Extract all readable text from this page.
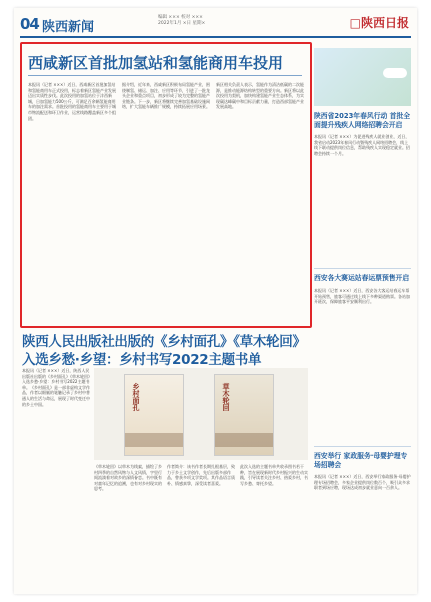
04 陕西新闻
编辑 ××× 校对 ×××
2022年1月 ×日 星期×	□陕西日报
西咸新区首批加氢站和氢能商用车投用

本报讯（记者 ×××）近日，西咸新区首批加氢站和氢能商用车正式投用，标志着新区氢能产业发展迈出实质性步伐。此次投用的加氢站位于沣西新城，日加氢能力500公斤，可满足百余辆氢能商用车的加注需求。首批投用的氢能商用车主要用于城市物流配送和环卫作业，运营线路覆盖新区多个组团。

据介绍，近年来，西咸新区积极布局氢能产业，围绕制氢、储运、加注、应用等环节，引进了一批龙头企业和重点项目，初步形成了较为完整的氢能产业链条。下一步，新区将继续完善加氢基础设施网络，扩大氢能车辆推广规模，持续拓展应用场景。

新区相关负责人表示，氢能作为清洁低碳的二次能源，是推动能源结构转型的重要方向。新区将以此次投用为契机，加快构建氢能产业生态体系，为实现碳达峰碳中和目标贡献力量，打造西部氢能产业发展高地。

陕西人民出版社出版的《乡村面孔》《草木轮回》
入选乡愁·乡望：乡村书写2022主题书单

本报讯（记者 ×××）近日，陕西人民出版社出版的《乡村面孔》《草木轮回》入选乡愁·乡望：乡村书写2022主题书单。《乡村面孔》是一部非虚构文学作品，作者以细腻的笔触记录了乡村中普通人的生活与命运，展现了时代变迁中的乡土中国。	乡村面孔	草木轮回

《草木轮回》以草木为线索，描绘了乡村四季的自然风物与人文风情，字里行间流淌着对故乡的深情眷恋。书中既有对童年记忆的追溯，也有对乡村现实的思考。

作者简介：该书作者长期扎根基层，致力于乡土文学创作，先后出版多部作品，曾获多项文学奖项。其作品语言质朴、情感真挚，深受读者喜爱。

此次入选的主题书单共收录图书若干种，旨在展现新时代乡村振兴的生动实践，引导读者关注乡村、热爱乡村，书写乡愁、寄托乡望。

陕西省2023年春风行动 首批全面提升残疾人网络招聘会开启
本报讯（记者 ×××）为促进残疾人就业创业，近日，我省启动2023年春风行动暨残疾人网络招聘会，线上线下联动提供岗位信息，帮助残疾人实现稳定就业。招聘会持续一个月。
西安各大赛运站春运票预售开启
本报讯（记者 ×××）近日，西安各大客运站春运车票开始预售，旅客可通过线上线下多种渠道购票。各站加开班次，保障旅客平安顺利出行。
西安举行 家政服务·母婴护理专场招聘会
本报讯（记者 ×××）近日，西安举行家政服务·母婴护理专场招聘会，多家企业提供岗位数百个，吸引众多求职者到场应聘，现场达成初步就业意向一百余人。
